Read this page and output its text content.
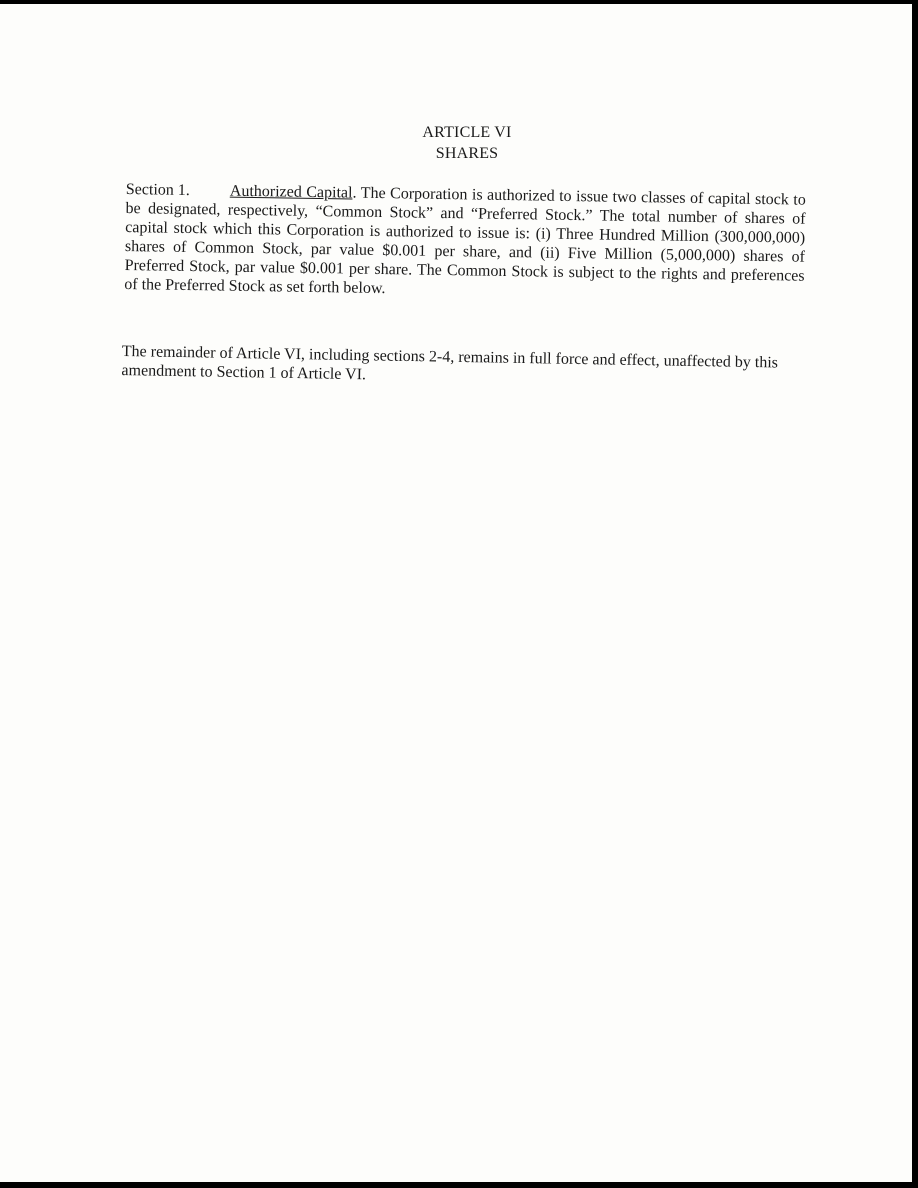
ARTICLE VI
SHARES

Section 1. Authorized Capital. The Corporation is authorized to issue two classes of capital stock to be designated, respectively, “Common Stock” and “Preferred Stock.” The total number of shares of capital stock which this Corporation is authorized to issue is: (i) Three Hundred Million (300,000,000) shares of Common Stock, par value $0.001 per share, and (ii) Five Million (5,000,000) shares of Preferred Stock, par value $0.001 per share. The Common Stock is subject to the rights and preferences of the Preferred Stock as set forth below.

The remainder of Article VI, including sections 2-4, remains in full force and effect, unaffected by this amendment to Section 1 of Article VI.
